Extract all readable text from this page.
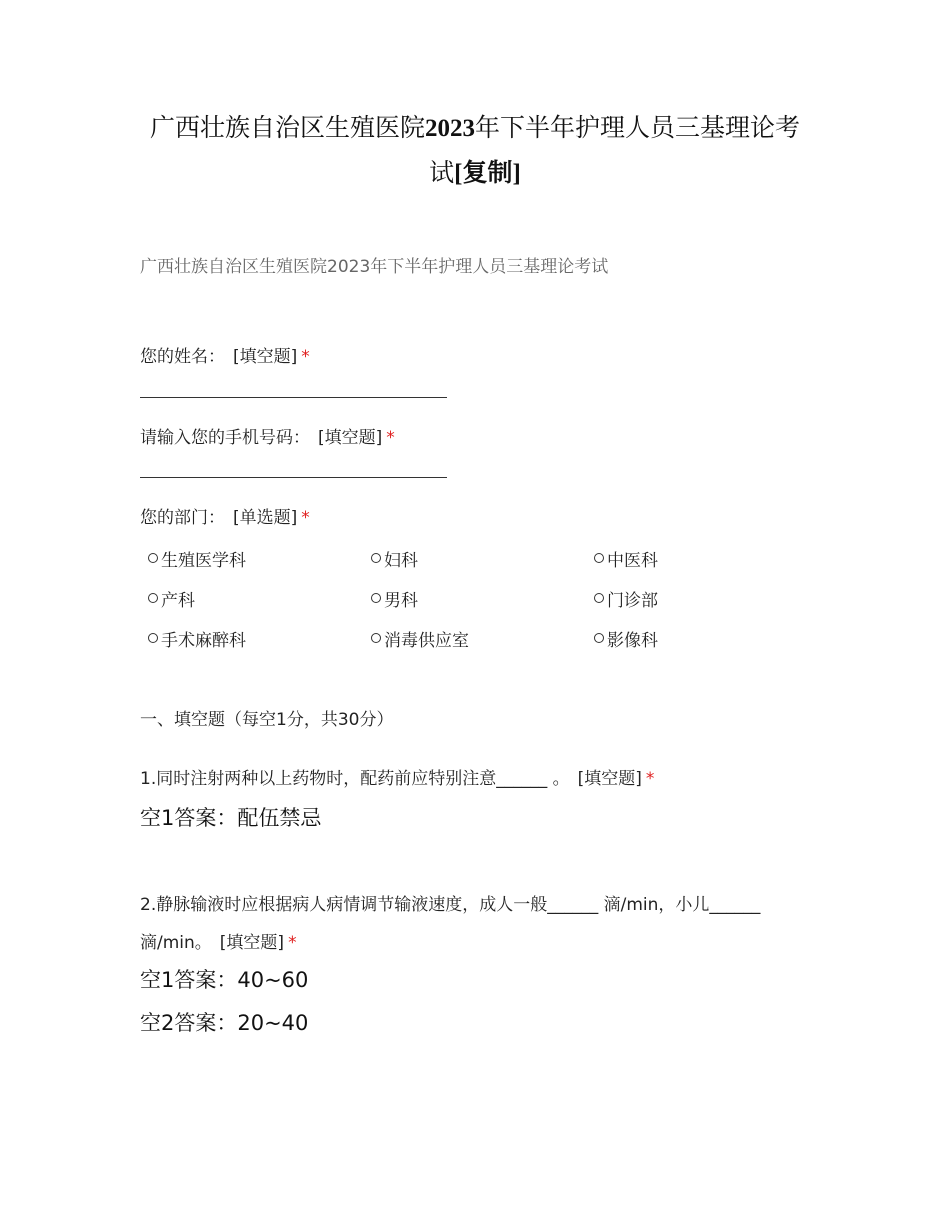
广西壮族自治区生殖医院2023年下半年护理人员三基理论考试[复制]
广西壮族自治区生殖医院2023年下半年护理人员三基理论考试
您的姓名： [填空题] *
请输入您的手机号码： [填空题] *
您的部门： [单选题] *
生殖医学科	妇科	中医科
产科	男科	门诊部
手术麻醉科	消毒供应室	影像科
一、填空题（每空1分，共30分）
1.同时注射两种以上药物时，配药前应特别注意______ 。 [填空题] *
空1答案：配伍禁忌
2.静脉输液时应根据病人病情调节输液速度，成人一般______ 滴/min，小儿______ 滴/min。 [填空题] *
空1答案：40~60
空2答案：20~40
